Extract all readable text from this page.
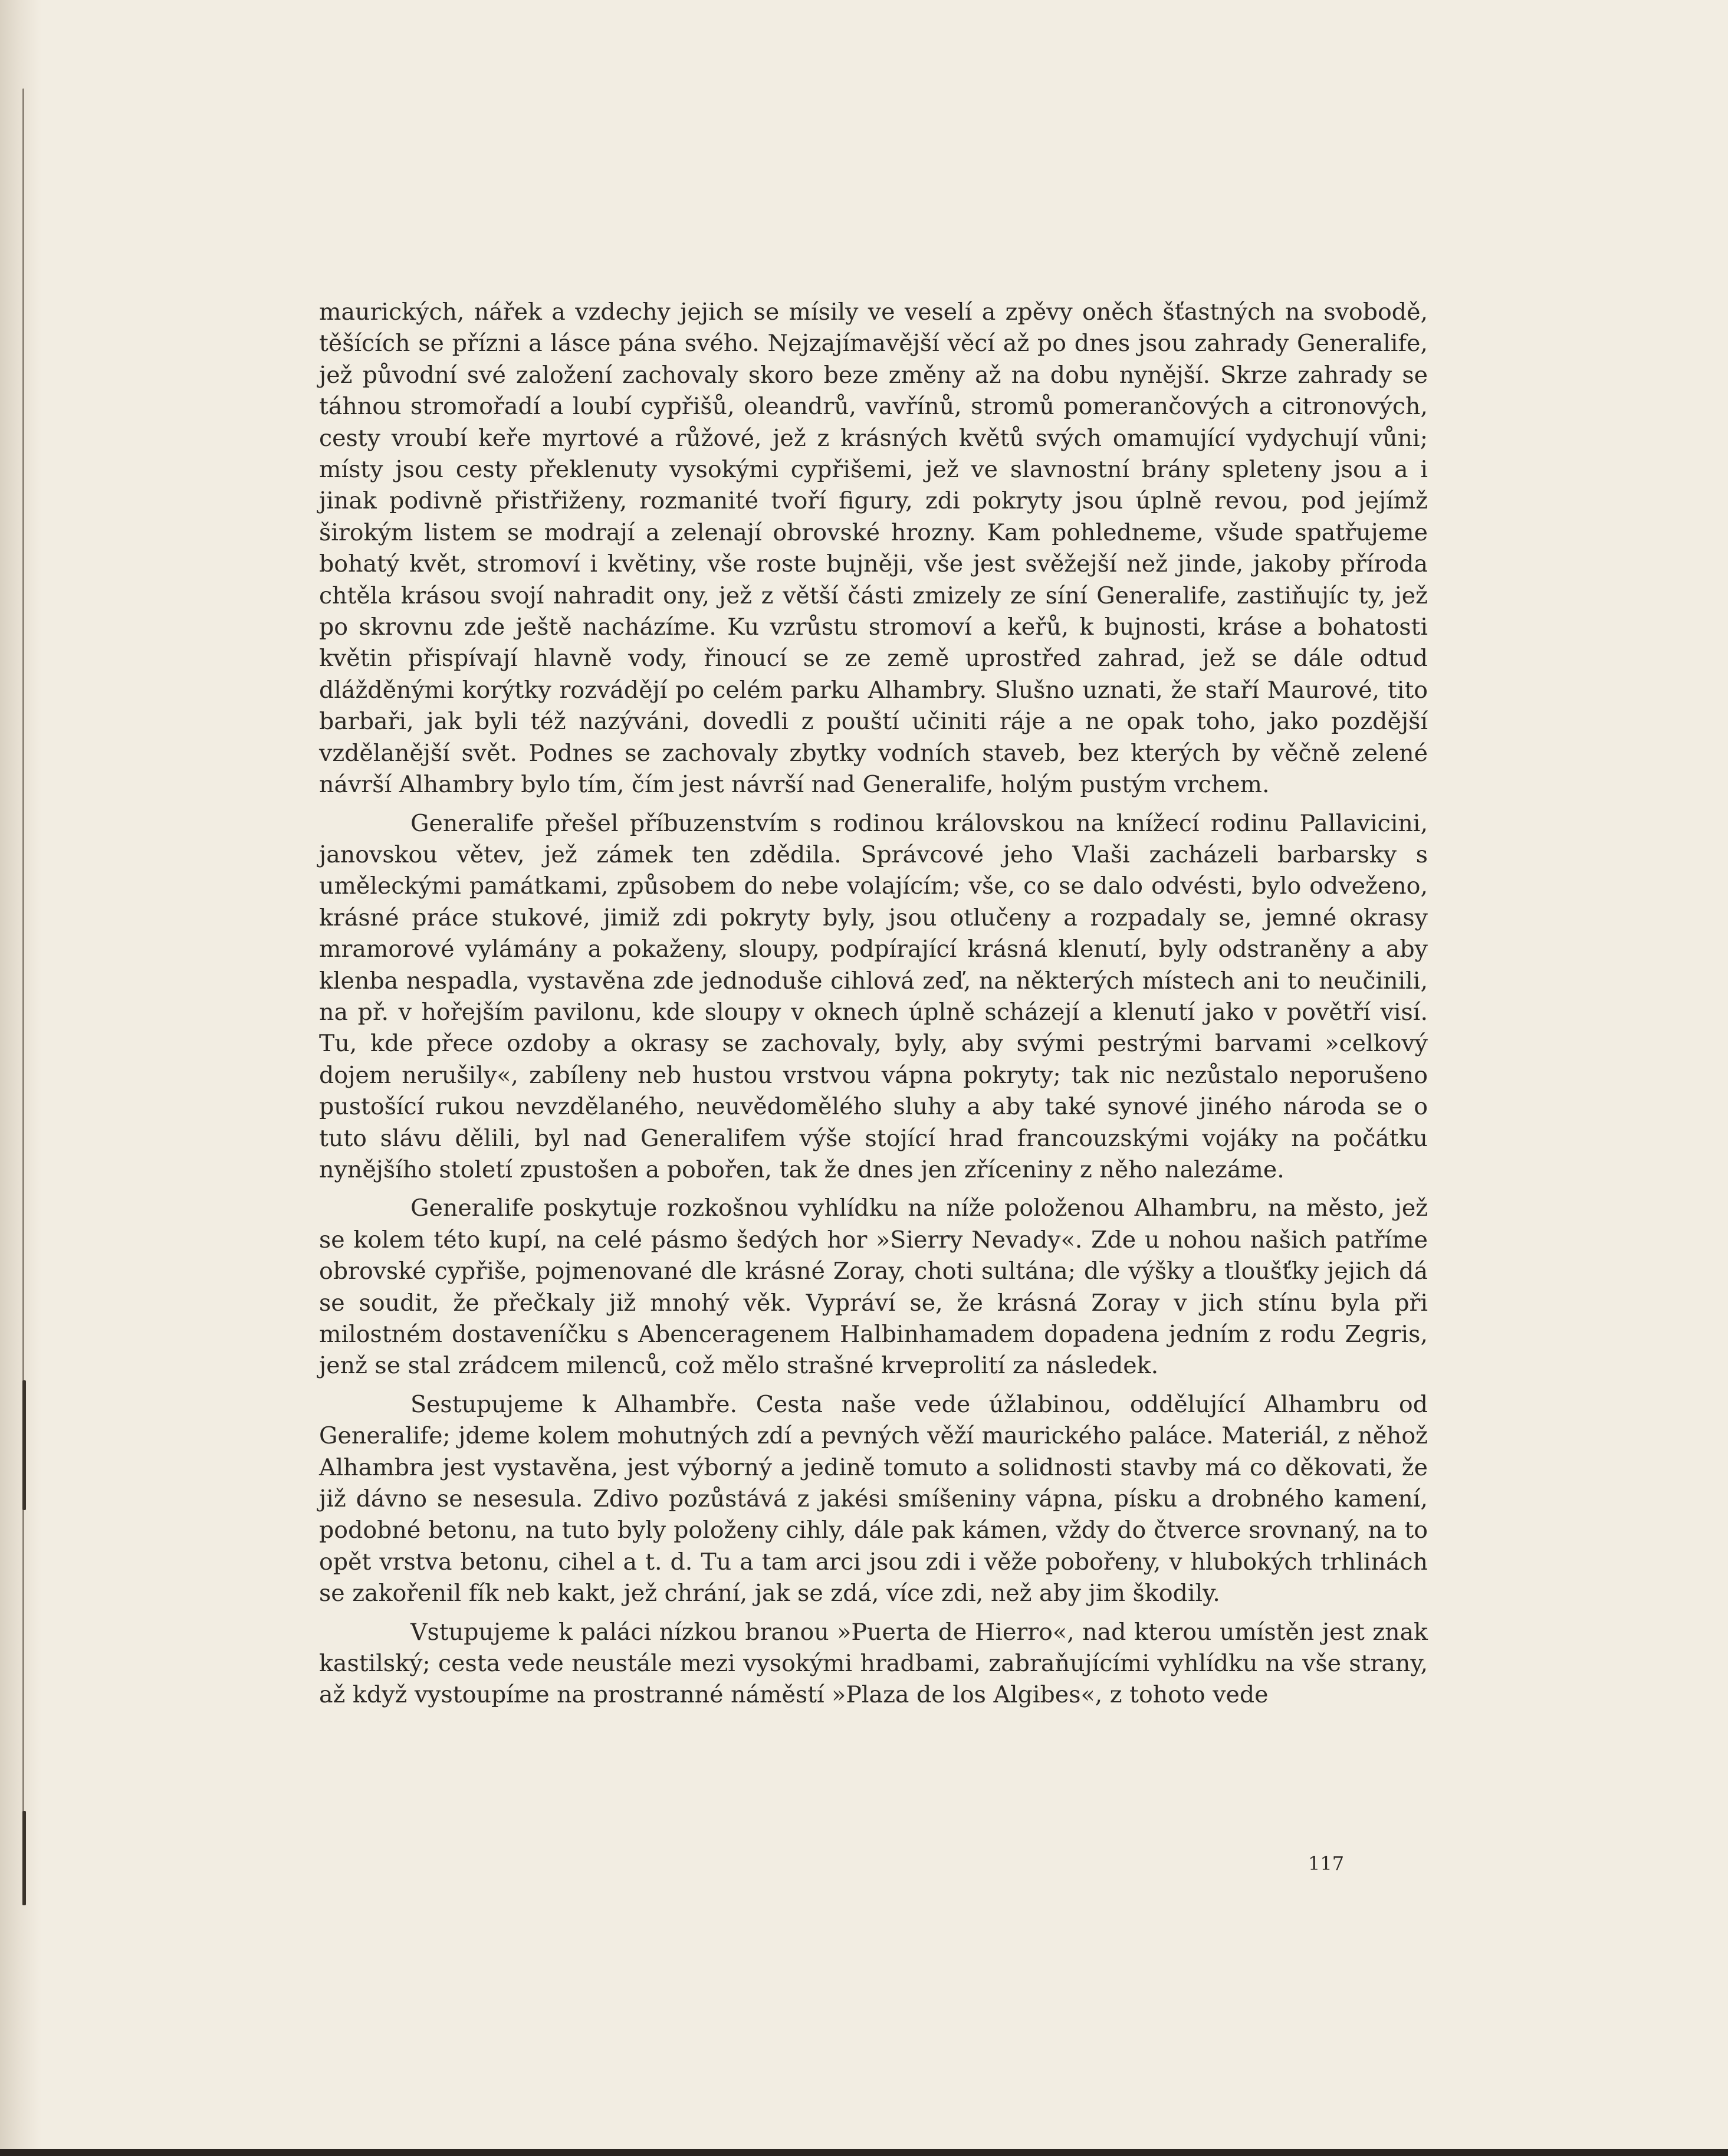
maurických, nářek a vzdechy jejich se mísily ve veselí a zpěvy oněch šťastných na svobodě, těšících se přízni a lásce pána svého. Nejzajímavější věcí až po dnes jsou zahrady Generalife, jež původní své založení zachovaly skoro beze změny až na dobu nynější. Skrze zahrady se táhnou stromořadí a loubí cypřišů, oleandrů, vavřínů, stromů pomerančových a citronových, cesty vroubí keře myrtové a růžové, jež z krásných květů svých omamující vydychují vůni; místy jsou cesty překlenuty vysokými cypřišemi, jež ve slavnostní brány spleteny jsou a i jinak podivně přistřiženy, rozmanité tvoří figury, zdi pokryty jsou úplně revou, pod jejímž širokým listem se modrají a zelenají obrovské hrozny. Kam pohledneme, všude spatřujeme bohatý květ, stromoví i květiny, vše roste bujněji, vše jest svěžejší než jinde, jakoby příroda chtěla krásou svojí nahradit ony, jež z větší části zmizely ze síní Generalife, zastiňujíc ty, jež po skrovnu zde ještě nacházíme. Ku vzrůstu stromoví a keřů, k bujnosti, kráse a bohatosti květin přispívají hlavně vody, řinoucí se ze země uprostřed zahrad, jež se dále odtud dlážděnými korýtky rozvádějí po celém parku Alhambry. Slušno uznati, že staří Maurové, tito barbaři, jak byli též nazýváni, dovedli z pouští učiniti ráje a ne opak toho, jako pozdější vzdělanější svět. Podnes se zachovaly zbytky vodních staveb, bez kterých by věčně zelené návrší Alhambry bylo tím, čím jest návrší nad Generalife, holým pustým vrchem.

Generalife přešel příbuzenstvím s rodinou královskou na knížecí rodinu Pallavicini, janovskou větev, jež zámek ten zdědila. Správcové jeho Vlaši zacházeli barbarsky s uměleckými památkami, způsobem do nebe volajícím; vše, co se dalo odvésti, bylo odveženo, krásné práce stukové, jimiž zdi pokryty byly, jsou otlučeny a rozpadaly se, jemné okrasy mramorové vylámány a pokaženy, sloupy, podpírající krásná klenutí, byly odstraněny a aby klenba nespadla, vystavěna zde jednoduše cihlová zeď, na některých místech ani to neučinili, na př. v hořejším pavilonu, kde sloupy v oknech úplně scházejí a klenutí jako v povětří visí. Tu, kde přece ozdoby a okrasy se zachovaly, byly, aby svými pestrými barvami »celkový dojem nerušily«, zabíleny neb hustou vrstvou vápna pokryty; tak nic nezůstalo neporušeno pustošící rukou nevzdělaného, neuvědomělého sluhy a aby také synové jiného národa se o tuto slávu dělili, byl nad Generalifem výše stojící hrad francouzskými vojáky na počátku nynějšího století zpustošen a pobořen, tak že dnes jen zříceniny z něho nalezáme.

Generalife poskytuje rozkošnou vyhlídku na níže položenou Alhambru, na město, jež se kolem této kupí, na celé pásmo šedých hor »Sierry Nevady«. Zde u nohou našich patříme obrovské cypřiše, pojmenované dle krásné Zoray, choti sultána; dle výšky a tloušťky jejich dá se soudit, že přečkaly již mnohý věk. Vypráví se, že krásná Zoray v jich stínu byla při milostném dostaveníčku s Abenceragenem Halbinhamadem dopadena jedním z rodu Zegris, jenž se stal zrádcem milenců, což mělo strašné krveprolití za následek.

Sestupujeme k Alhambře. Cesta naše vede úžlabinou, oddělující Alhambru od Generalife; jdeme kolem mohutných zdí a pevných věží maurického paláce. Materiál, z něhož Alhambra jest vystavěna, jest výborný a jedině tomuto a solidnosti stavby má co děkovati, že již dávno se nesesula. Zdivo pozůstává z jakési smíšeniny vápna, písku a drobného kamení, podobné betonu, na tuto byly položeny cihly, dále pak kámen, vždy do čtverce srovnaný, na to opět vrstva betonu, cihel a t. d. Tu a tam arci jsou zdi i věže pobořeny, v hlubokých trhlinách se zakořenil fík neb kakt, jež chrání, jak se zdá, více zdi, než aby jim škodily.

Vstupujeme k paláci nízkou branou »Puerta de Hierro«, nad kterou umístěn jest znak kastilský; cesta vede neustále mezi vysokými hradbami, zabraňujícími vyhlídku na vše strany, až když vystoupíme na prostranné náměstí »Plaza de los Algibes«, z tohoto vede

117
